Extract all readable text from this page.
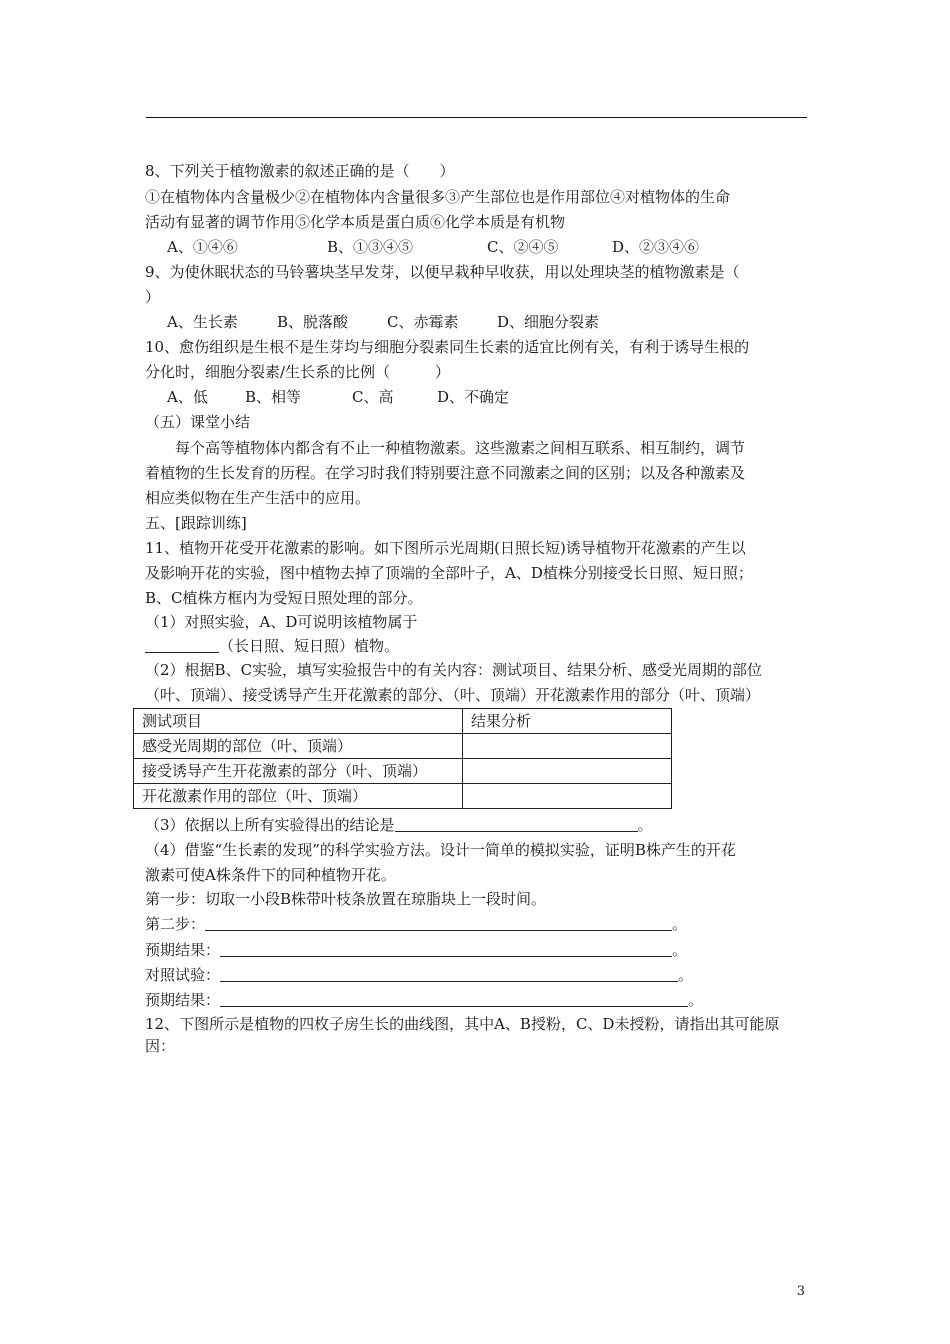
8、下列关于植物激素的叙述正确的是（　　）
①在植物体内含量极少②在植物体内含量很多③产生部位也是作用部位④对植物体的生命
活动有显著的调节作用⑤化学本质是蛋白质⑥化学本质是有机物
A、①④⑥	B、①③④⑤	C、②④⑤	D、②③④⑥
9、为使休眠状态的马铃薯块茎早发芽，以便早栽种早收获，用以处理块茎的植物激素是（
）
A、生长素	B、脱落酸	C、赤霉素	D、细胞分裂素
10、愈伤组织是生根不是生芽均与细胞分裂素同生长素的适宜比例有关，有利于诱导生根的
分化时，细胞分裂素/生长系的比例（　　　）
A、低 B、相等	C、高	D、不确定
（五）课堂小结
每个高等植物体内都含有不止一种植物激素。这些激素之间相互联系、相互制约，调节
着植物的生长发育的历程。在学习时我们特别要注意不同激素之间的区别；以及各种激素及
相应类似物在生产生活中的应用。
五、[跟踪训练]
11、植物开花受开花激素的影响。如下图所示光周期(日照长短)诱导植物开花激素的产生以
及影响开花的实验，图中植物去掉了顶端的全部叶子，A、D植株分别接受长日照、短日照；
B、C植株方框内为受短日照处理的部分。
（1）对照实验，A、D可说明该植物属于
（长日照、短日照）植物。
（2）根据B、C实验，填写实验报告中的有关内容：测试项目、结果分析、感受光周期的部位
（叶、顶端）、接受诱导产生开花激素的部分、（叶、顶端）开花激素作用的部分（叶、顶端）
测试项目	结果分析
感受光周期的部位（叶、顶端）	
接受诱导产生开花激素的部分（叶、顶端）	
开花激素作用的部位（叶、顶端）	
（3）依据以上所有实验得出的结论是	。
（4）借鉴“生长素的发现”的科学实验方法。设计一简单的模拟实验，证明B株产生的开花
激素可使A株条件下的同种植物开花。
第一步：切取一小段B株带叶枝条放置在琼脂块上一段时间。
第二步：	。
预期结果：	。
对照试验：	。
预期结果：	。
12、下图所示是植物的四枚子房生长的曲线图，其中A、B授粉，C、D未授粉，请指出其可能原
因：
3
